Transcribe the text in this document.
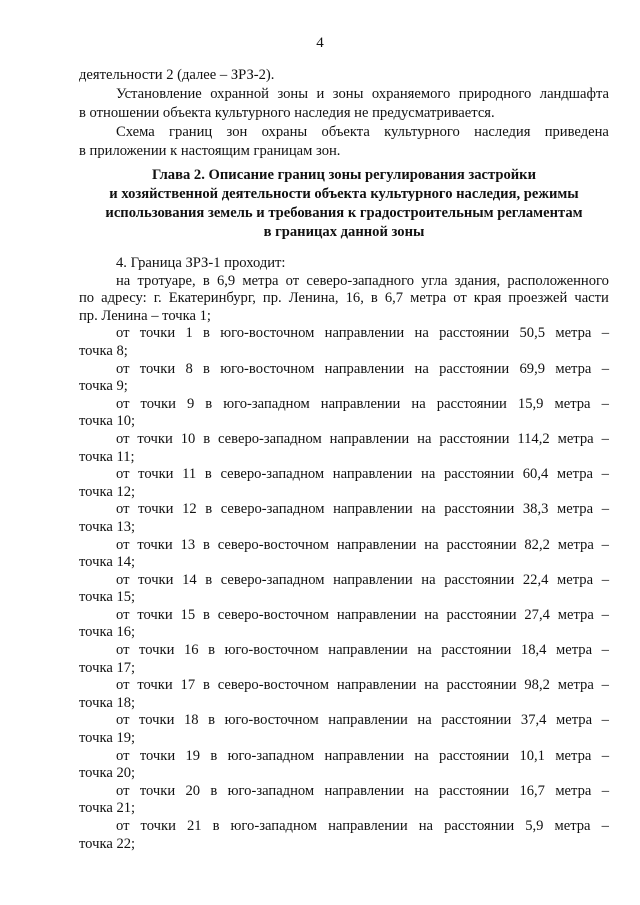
4
деятельности 2 (далее – ЗРЗ-2).
Установление охранной зоны и зоны охраняемого природного ландшафта
в отношении объекта культурного наследия не предусматривается.
Схема границ зон охраны объекта культурного наследия приведена
в приложении к настоящим границам зон.
Глава 2. Описание границ зоны регулирования застройки
и хозяйственной деятельности объекта культурного наследия, режимы
использования земель и требования к градостроительным регламентам
в границах данной зоны
4. Граница ЗРЗ-1 проходит:
на тротуаре, в 6,9 метра от северо-западного угла здания, расположенного
по адресу: г. Екатеринбург, пр. Ленина, 16, в 6,7 метра от края проезжей части
пр. Ленина – точка 1;
от точки 1 в юго-восточном направлении на расстоянии 50,5 метра –
точка 8;
от точки 8 в юго-восточном направлении на расстоянии 69,9 метра –
точка 9;
от точки 9 в юго-западном направлении на расстоянии 15,9 метра –
точка 10;
от точки 10 в северо-западном направлении на расстоянии 114,2 метра –
точка 11;
от точки 11 в северо-западном направлении на расстоянии 60,4 метра –
точка 12;
от точки 12 в северо-западном направлении на расстоянии 38,3 метра –
точка 13;
от точки 13 в северо-восточном направлении на расстоянии 82,2 метра –
точка 14;
от точки 14 в северо-западном направлении на расстоянии 22,4 метра –
точка 15;
от точки 15 в северо-восточном направлении на расстоянии 27,4 метра –
точка 16;
от точки 16 в юго-восточном направлении на расстоянии 18,4 метра –
точка 17;
от точки 17 в северо-восточном направлении на расстоянии 98,2 метра –
точка 18;
от точки 18 в юго-восточном направлении на расстоянии 37,4 метра –
точка 19;
от точки 19 в юго-западном направлении на расстоянии 10,1 метра –
точка 20;
от точки 20 в юго-западном направлении на расстоянии 16,7 метра –
точка 21;
от точки 21 в юго-западном направлении на расстоянии 5,9 метра –
точка 22;
